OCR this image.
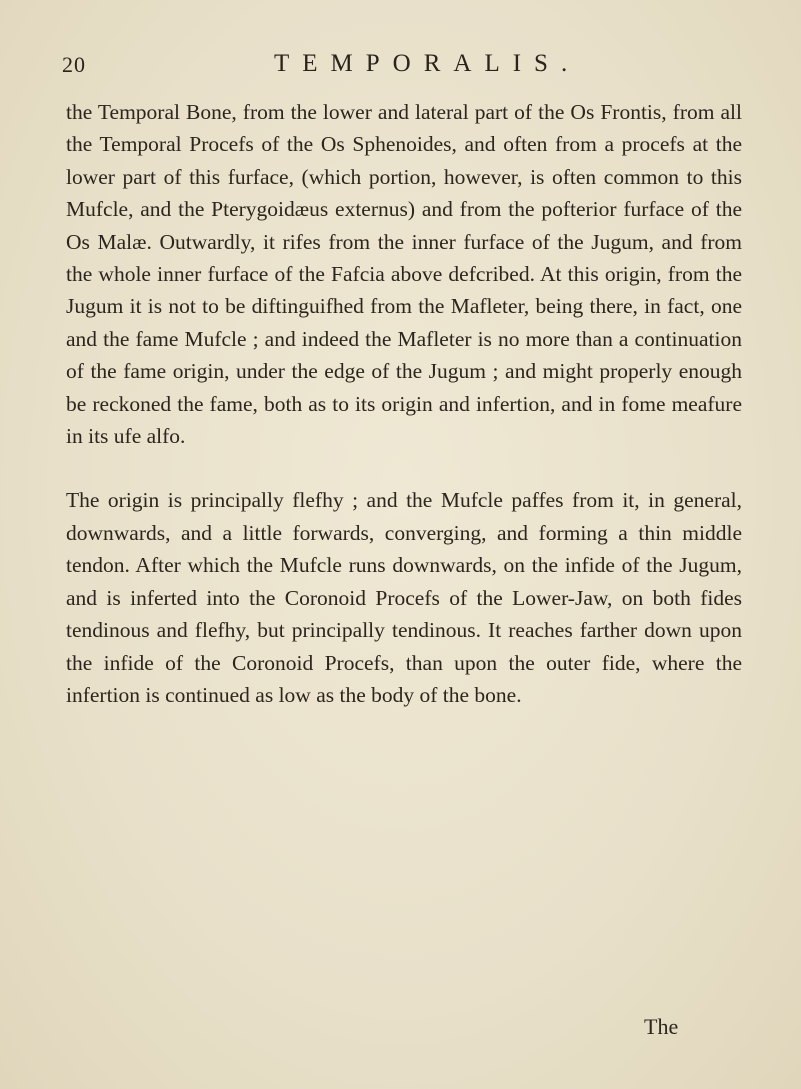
20	TEMPORALIS.

the Temporal Bone, from the lower and lateral part of the Os Frontis, from all the Temporal Procefs of the Os Sphenoides, and often from a procefs at the lower part of this furface, (which portion, however, is often common to this Mufcle, and the Pterygoidæus externus) and from the pofterior furface of the Os Malæ. Outwardly, it rifes from the inner furface of the Jugum, and from the whole inner furface of the Fafcia above defcribed. At this origin, from the Jugum it is not to be diftinguifhed from the Mafleter, being there, in fact, one and the fame Mufcle ; and indeed the Mafleter is no more than a continuation of the fame origin, under the edge of the Jugum ; and might properly enough be reckoned the fame, both as to its origin and infertion, and in fome meafure in its ufe alfo.

The origin is principally flefhy ; and the Mufcle paffes from it, in general, downwards, and a little forwards, converging, and forming a thin middle tendon. After which the Mufcle runs downwards, on the infide of the Jugum, and is inferted into the Coronoid Procefs of the Lower-Jaw, on both fides tendinous and flefhy, but principally tendinous. It reaches farther down upon the infide of the Coronoid Procefs, than upon the outer fide, where the infertion is continued as low as the body of the bone.

The
